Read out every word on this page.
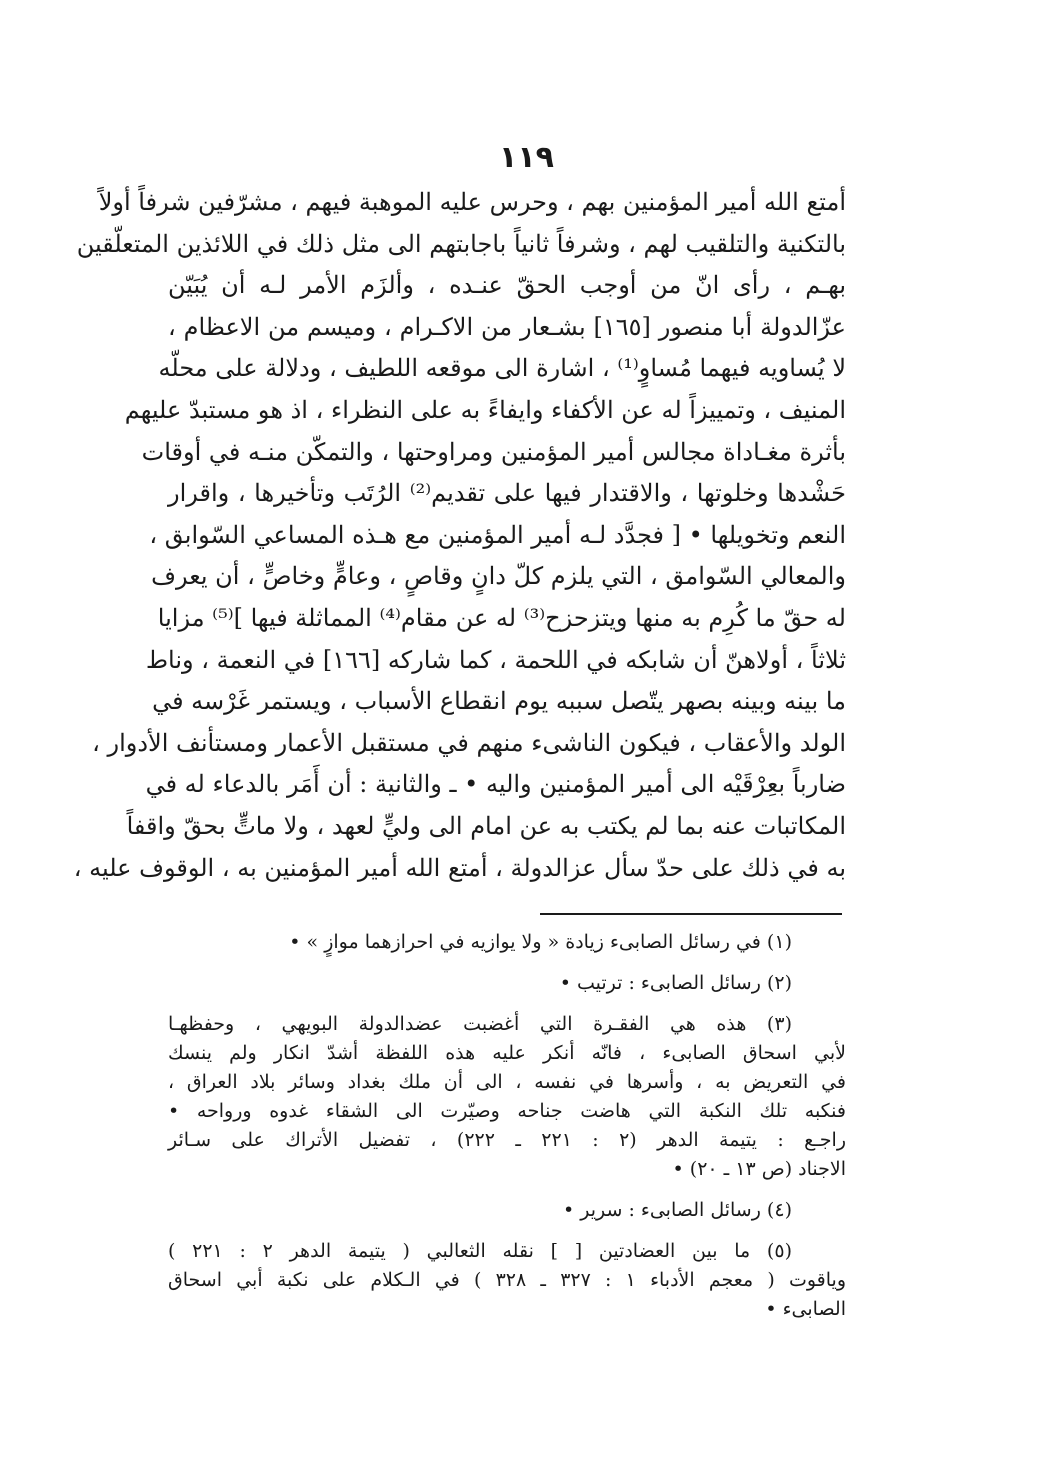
١١٩
أمتع الله أمير المؤمنين بهم ، وحرس عليه الموهبة فيهم ، مشرّفين شرفاً أولاً
بالتكنية والتلقيب لهم ، وشرفاً ثانياً باجابتهم الى مثل ذلك في اللائذين المتعلّقين
بهـم ، رأى انّ من أوجب الحقّ عنـده ، وألزَم الأمر لـه أن يُبَيّن
عزّالدولة أبا منصور [١٦٥] بشـعار من الاكـرام ، وميسم من الاعظام ،
لا يُساويه فيهما مُساوٍ⁽¹⁾ ، اشارة الى موقعه اللطيف ، ودلالة على محلّه
المنيف ، وتمييزاً له عن الأكفاء وايفاءً به على النظراء ، اذ هو مستبدّ عليهم
بأثرة مغـاداة مجالس أمير المؤمنين ومراوحتها ، والتمكّن منـه في أوقات
حَشْدها وخلوتها ، والاقتدار فيها على تقديم⁽²⁾ الرُتَب وتأخيرها ، واقرار
النعم وتخويلها • [ فجدَّد لـه أمير المؤمنين مع هـذه المساعي السّوابق ،
والمعالي السّوامق ، التي يلزم كلّ دانٍ وقاصٍ ، وعامٍّ وخاصٍّ ، أن يعرف
له حقّ ما كُرِم به منها ويتزحزح⁽³⁾ له عن مقام⁽⁴⁾ المماثلة فيها ]⁽⁵⁾ مزايا
ثلاثاً ، أولاهنّ أن شابكه في اللحمة ، كما شاركه [١٦٦] في النعمة ، وناط
ما بينه وبينه بصهر يتّصل سببه يوم انقطاع الأسباب ، ويستمر غَرْسه في
الولد والأعقاب ، فيكون الناشىء منهم في مستقبل الأعمار ومستأنف الأدوار ،
ضارباً بعِرْقَيْه الى أمير المؤمنين واليه • ـ والثانية : أن أَمَر بالدعاء له في
المكاتبات عنه بما لم يكتب به عن امام الى وليٍّ لعهد ، ولا ماتٍّ بحقّ واقفاً
به في ذلك على حدّ سأل عزالدولة ، أمتع الله أمير المؤمنين به ، الوقوف عليه ،
(١) في رسائل الصابىء زيادة « ولا يوازيه في احرازهما موازٍ » •
(٢) رسائل الصابىء : ترتيب •
(٣) هذه هي الفقـرة التي أغضبت عضدالدولة البويهي ، وحفظهـا
لأبي اسحاق الصابىء ، فانّه أنكر عليه هذه اللفظة أشدّ انكار ولم ينسك
في التعريض به ، وأسرها في نفسه ، الى أن ملك بغداد وسائر بلاد العراق ،
فنكبه تلك النكبة التي هاضت جناحه وصيّرت الى الشقاء غدوه ورواحه •
راجـع : يتيمة الدهر (٢ : ٢٢١ ـ ٢٢٢) ، تفضيل الأتراك على سـائر
الاجناد (ص ١٣ ـ ٢٠) •
(٤) رسائل الصابىء : سرير •
(٥) ما بين العضادتين [ ] نقله الثعالبي ( يتيمة الدهر ٢ : ٢٢١ )
وياقوت ( معجم الأدباء ١ : ٣٢٧ ـ ٣٢٨ ) في الـكلام على نكبة أبي اسحاق
الصابىء •
